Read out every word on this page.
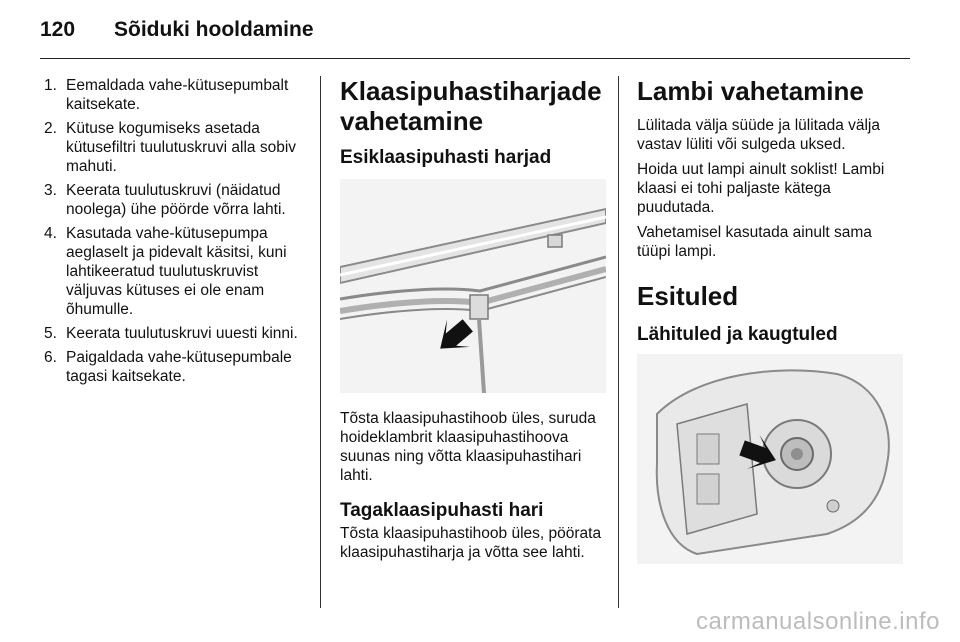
120 Sõiduki hooldamine
1. Eemaldada vahe-kütusepumbalt kaitsekate.
2. Kütuse kogumiseks asetada kütusefiltri tuulutuskruvi alla sobiv mahuti.
3. Keerata tuulutuskruvi (näidatud noolega) ühe pöörde võrra lahti.
4. Kasutada vahe-kütusepumpa aeglaselt ja pidevalt käsitsi, kuni lahtikeeratud tuulutuskruvist väljuvas kütuses ei ole enam õhumulle.
5. Keerata tuulutuskruvi uuesti kinni.
6. Paigaldada vahe-kütusepumbale tagasi kaitsekate.
Klaasipuhastiharjade vahetamine
Esiklaasipuhasti harjad

Tõsta klaasipuhastihoob üles, suruda hoideklambrit klaasipuhastihoova suunas ning võtta klaasipuhastihari lahti.

Tagaklaasipuhasti hari

Tõsta klaasipuhastihoob üles, pöörata klaasipuhastiharja ja võtta see lahti.

Lambi vahetamine

Lülitada välja süüde ja lülitada välja vastav lüliti või sulgeda uksed.

Hoida uut lampi ainult soklist! Lambi klaasi ei tohi paljaste kätega puudutada.

Vahetamisel kasutada ainult sama tüüpi lampi.

Esituled
Lähituled ja kaugtuled
carmanualsonline.info
